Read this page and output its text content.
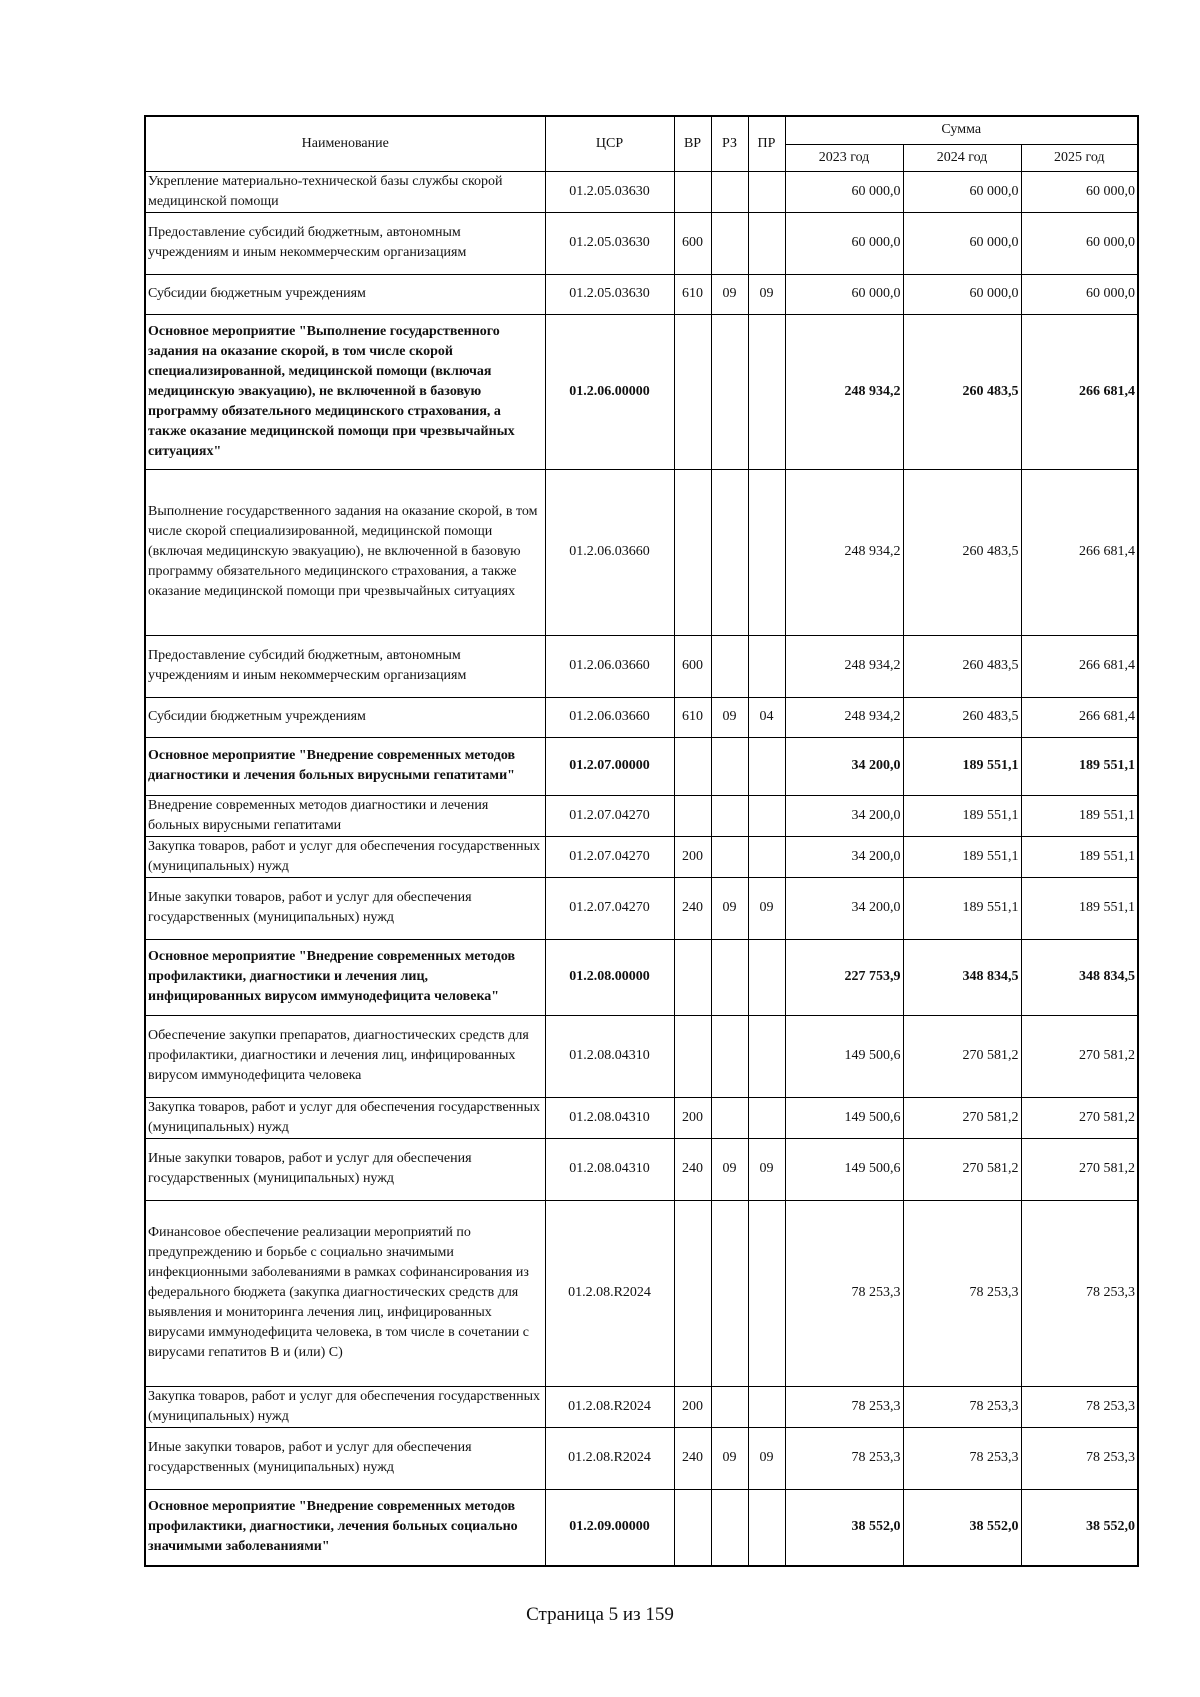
Наименование	ЦСР	ВР	РЗ	ПР	Сумма		
					2023 год	2024 год	2025 год
Укрепление материально-технической базы службы скорой медицинской помощи	01.2.05.03630				60 000,0	60 000,0	60 000,0
Предоставление субсидий бюджетным, автономным учреждениям и иным некоммерческим организациям	01.2.05.03630	600			60 000,0	60 000,0	60 000,0
Субсидии бюджетным учреждениям	01.2.05.03630	610	09	09	60 000,0	60 000,0	60 000,0
Основное мероприятие "Выполнение государственного задания на оказание скорой, в том числе скорой специализированной, медицинской помощи (включая медицинскую эвакуацию), не включенной в базовую программу обязательного медицинского страхования, а также оказание медицинской помощи при чрезвычайных ситуациях"	01.2.06.00000				248 934,2	260 483,5	266 681,4
Выполнение государственного задания на оказание скорой, в том числе скорой специализированной, медицинской помощи (включая медицинскую эвакуацию), не включенной в базовую программу обязательного медицинского страхования, а также оказание медицинской помощи при чрезвычайных ситуациях	01.2.06.03660				248 934,2	260 483,5	266 681,4
Предоставление субсидий бюджетным, автономным учреждениям и иным некоммерческим организациям	01.2.06.03660	600			248 934,2	260 483,5	266 681,4
Субсидии бюджетным учреждениям	01.2.06.03660	610	09	04	248 934,2	260 483,5	266 681,4
Основное мероприятие "Внедрение современных методов диагностики и лечения больных вирусными гепатитами"	01.2.07.00000				34 200,0	189 551,1	189 551,1
Внедрение современных методов диагностики и лечения больных вирусными гепатитами	01.2.07.04270				34 200,0	189 551,1	189 551,1
Закупка товаров, работ и услуг для обеспечения государственных (муниципальных) нужд	01.2.07.04270	200			34 200,0	189 551,1	189 551,1
Иные закупки товаров, работ и услуг для обеспечения государственных (муниципальных) нужд	01.2.07.04270	240	09	09	34 200,0	189 551,1	189 551,1
Основное мероприятие "Внедрение современных методов профилактики, диагностики и лечения лиц, инфицированных вирусом иммунодефицита человека"	01.2.08.00000				227 753,9	348 834,5	348 834,5
Обеспечение закупки препаратов, диагностических средств для профилактики, диагностики и лечения лиц, инфицированных вирусом иммунодефицита человека	01.2.08.04310				149 500,6	270 581,2	270 581,2
Закупка товаров, работ и услуг для обеспечения государственных (муниципальных) нужд	01.2.08.04310	200			149 500,6	270 581,2	270 581,2
Иные закупки товаров, работ и услуг для обеспечения государственных (муниципальных) нужд	01.2.08.04310	240	09	09	149 500,6	270 581,2	270 581,2
Финансовое обеспечение реализации мероприятий по предупреждению и борьбе с социально значимыми инфекционными заболеваниями в рамках софинансирования из федерального бюджета (закупка диагностических средств для выявления и мониторинга лечения лиц, инфицированных вирусами иммунодефицита человека, в том числе в сочетании с вирусами гепатитов B и (или) C)	01.2.08.R2024				78 253,3	78 253,3	78 253,3
Закупка товаров, работ и услуг для обеспечения государственных (муниципальных) нужд	01.2.08.R2024	200			78 253,3	78 253,3	78 253,3
Иные закупки товаров, работ и услуг для обеспечения государственных (муниципальных) нужд	01.2.08.R2024	240	09	09	78 253,3	78 253,3	78 253,3
Основное мероприятие "Внедрение современных методов профилактики, диагностики, лечения больных социально значимыми заболеваниями"	01.2.09.00000				38 552,0	38 552,0	38 552,0
Страница 5 из 159
